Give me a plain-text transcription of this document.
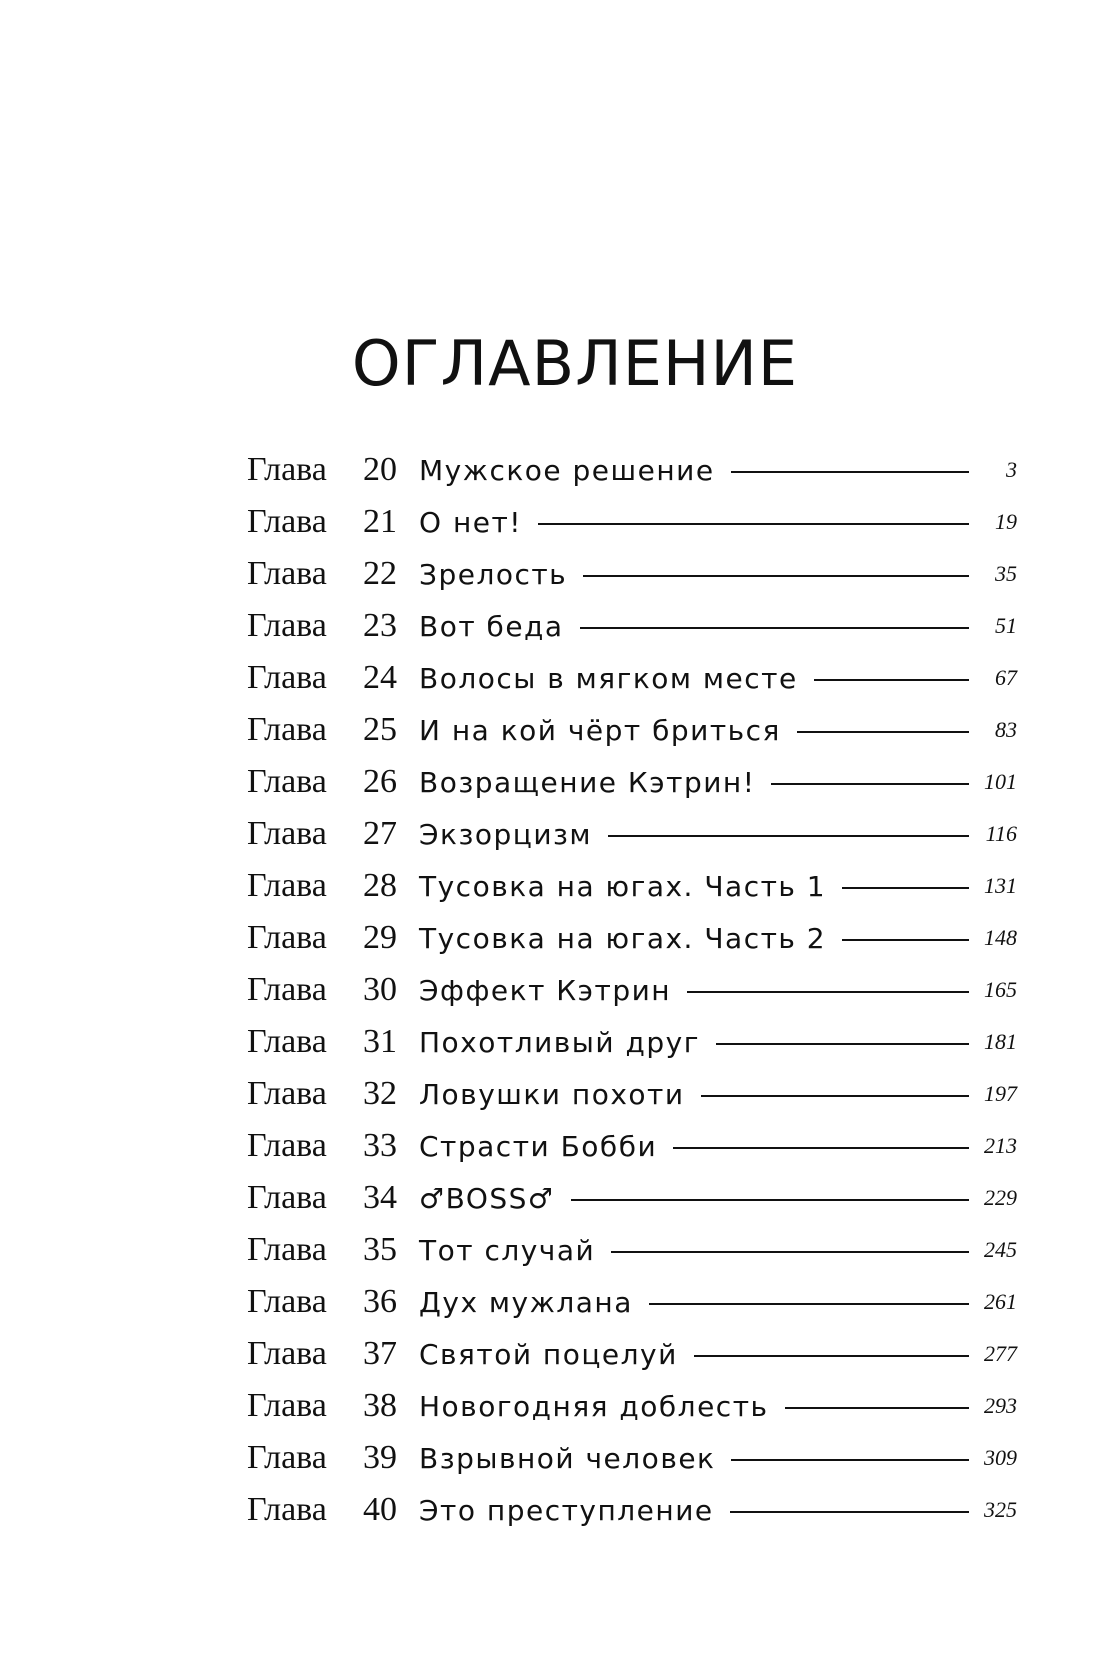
ОГЛАВЛЕНИЕ
Глава	20 Мужское решение	3
Глава	21 О нет!	19
Глава	22 Зрелость	35
Глава	23 Вот беда	51
Глава	24 Волосы в мягком месте	67
Глава	25 И на кой чёрт бриться	83
Глава	26 Возращение Кэтрин!	101
Глава	27 Экзорцизм	116
Глава	28 Тусовка на югах. Часть 1	131
Глава	29 Тусовка на югах. Часть 2	148
Глава	30 Эффект Кэтрин	165
Глава	31 Похотливый друг	181
Глава	32 Ловушки похоти	197
Глава	33 Страсти Бобби	213
Глава	34 ♂BOSS♂	229
Глава	35 Тот случай	245
Глава	36 Дух мужлана	261
Глава	37 Святой поцелуй	277
Глава	38 Новогодняя доблесть	293
Глава	39 Взрывной человек	309
Глава	40 Это преступление	325
